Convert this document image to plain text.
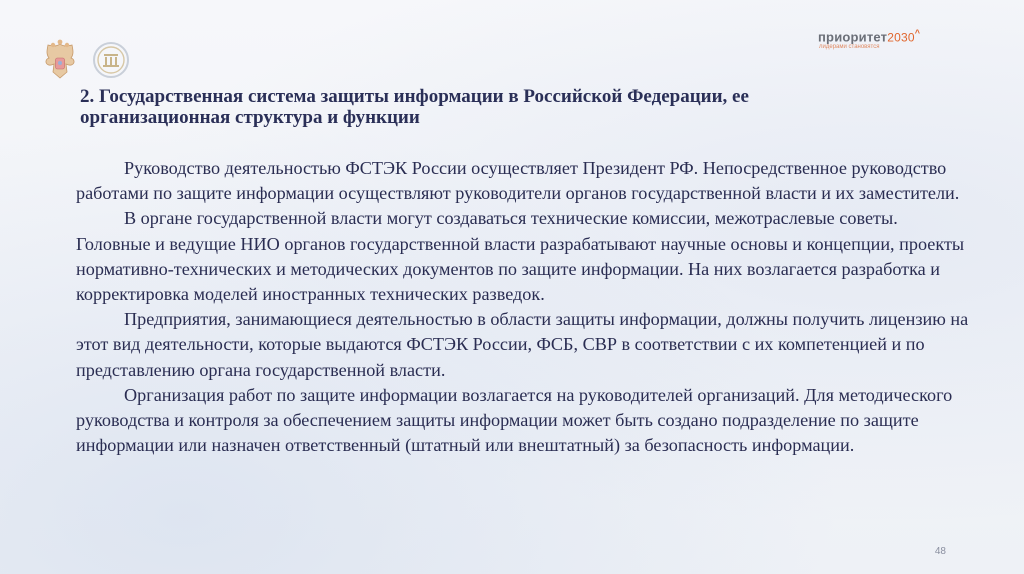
приоритет2030^
лидерами становятся
2. Государственная система защиты информации в Российской Федерации, ее
организационная структура и функции

Руководство деятельностью ФСТЭК России осуществляет Президент РФ. Непосредственное руководство работами по защите информации осуществляют руководители органов государственной власти и их заместители.

В органе государственной власти могут создаваться технические комиссии, межотраслевые советы. Головные и ведущие НИО органов государственной власти разрабатывают научные основы и концепции, проекты нормативно-технических и методических документов по защите информации. На них возлагается разработка и корректировка моделей иностранных технических разведок.

Предприятия, занимающиеся деятельностью в области защиты информации, должны получить лицензию на этот вид деятельности, которые выдаются ФСТЭК России, ФСБ, СВР в соответствии с их компетенцией и по представлению органа государственной власти.

Организация работ по защите информации возлагается на руководителей организаций. Для методического руководства и контроля за обеспечением защиты информации может быть создано подразделение по защите информации или назначен ответственный (штатный или внештатный) за безопасность информации.

48
